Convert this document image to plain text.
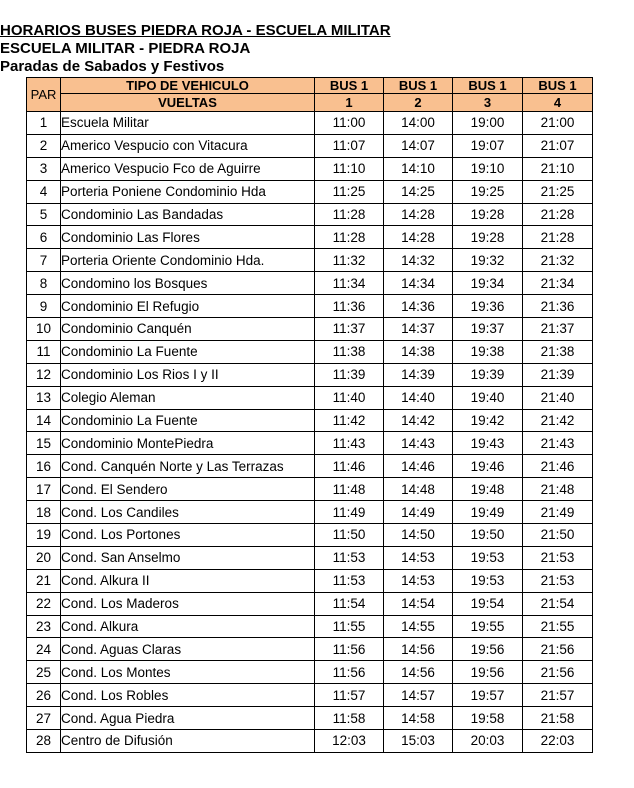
HORARIOS BUSES PIEDRA ROJA - ESCUELA MILITAR
ESCUELA MILITAR - PIEDRA ROJA
Paradas de Sabados y Festivos
PAR	TIPO DE VEHICULO	BUS 1	BUS 1	BUS 1	BUS 1
	VUELTAS	1	2	3	4
1	Escuela Militar	11:00	14:00	19:00	21:00
2	Americo Vespucio con Vitacura	11:07	14:07	19:07	21:07
3	Americo Vespucio Fco de Aguirre	11:10	14:10	19:10	21:10
4	Porteria Poniene Condominio Hda	11:25	14:25	19:25	21:25
5	Condominio Las Bandadas	11:28	14:28	19:28	21:28
6	Condominio Las Flores	11:28	14:28	19:28	21:28
7	Porteria Oriente Condominio Hda.	11:32	14:32	19:32	21:32
8	Condomino los Bosques	11:34	14:34	19:34	21:34
9	Condominio El Refugio	11:36	14:36	19:36	21:36
10	Condominio Canquén	11:37	14:37	19:37	21:37
11	Condominio La Fuente	11:38	14:38	19:38	21:38
12	Condominio Los Rios I y II	11:39	14:39	19:39	21:39
13	Colegio Aleman	11:40	14:40	19:40	21:40
14	Condominio La Fuente	11:42	14:42	19:42	21:42
15	Condominio MontePiedra	11:43	14:43	19:43	21:43
16	Cond. Canquén Norte y Las Terrazas	11:46	14:46	19:46	21:46
17	Cond. El Sendero	11:48	14:48	19:48	21:48
18	Cond. Los Candiles	11:49	14:49	19:49	21:49
19	Cond. Los Portones	11:50	14:50	19:50	21:50
20	Cond. San Anselmo	11:53	14:53	19:53	21:53
21	Cond. Alkura II	11:53	14:53	19:53	21:53
22	Cond. Los Maderos	11:54	14:54	19:54	21:54
23	Cond. Alkura	11:55	14:55	19:55	21:55
24	Cond. Aguas Claras	11:56	14:56	19:56	21:56
25	Cond. Los Montes	11:56	14:56	19:56	21:56
26	Cond. Los Robles	11:57	14:57	19:57	21:57
27	Cond. Agua Piedra	11:58	14:58	19:58	21:58
28	Centro de Difusión	12:03	15:03	20:03	22:03
